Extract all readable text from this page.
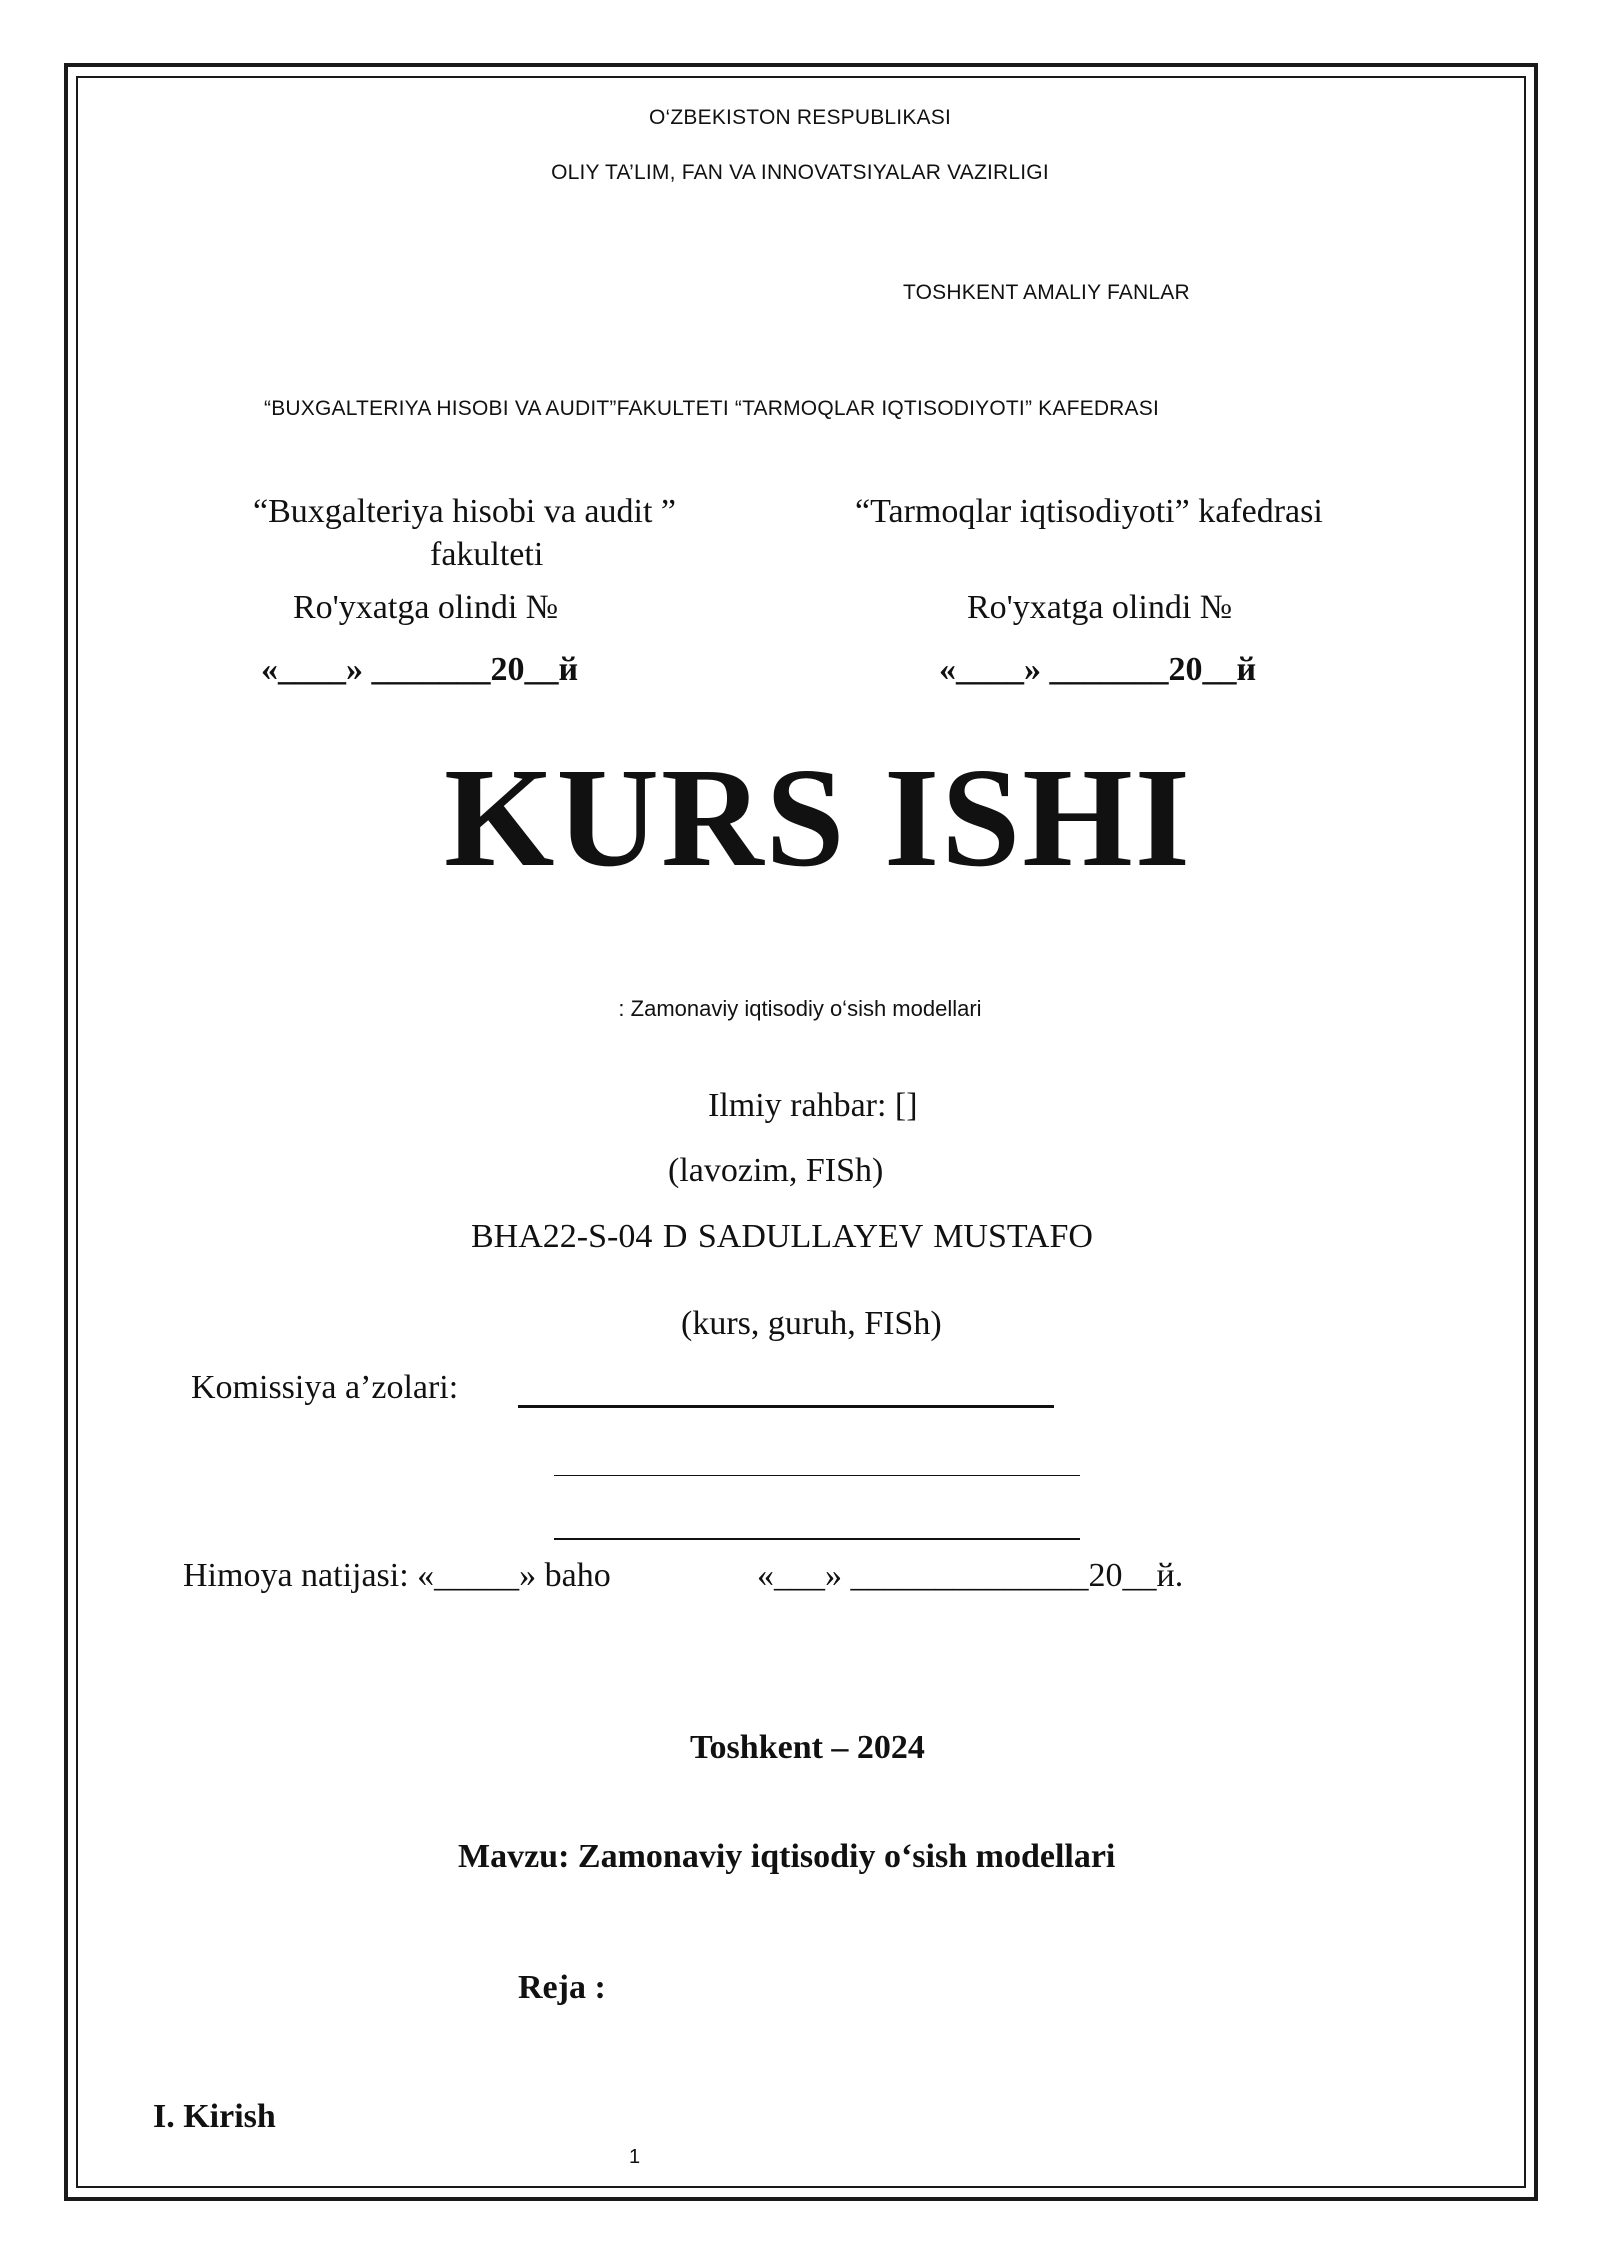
O‘ZBEKISTON RESPUBLIKASI
OLIY TA’LIM, FAN VA INNOVATSIYALAR VAZIRLIGI
TOSHKENT AMALIY FANLAR
“BUXGALTERIYA HISOBI VA AUDIT”FAKULTETI “TARMOQLAR IQTISODIYOTI” KAFEDRASI
“Buxgalteriya hisobi va audit ”
fakulteti
Ro'yxatga olindi №
«____» _______20__й
“Tarmoqlar iqtisodiyoti” kafedrasi
Ro'yxatga olindi №
«____» _______20__й
KURS ISHI
: Zamonaviy iqtisodiy o‘sish modellari
Ilmiy rahbar: []
(lavozim, FISh)
BHA22-S-04 D SADULLAYEV MUSTAFO
(kurs, guruh, FISh)
Komissiya a’zolari:
Himoya natijasi: «_____» baho	«___» ______________20__й.
Toshkent – 2024
Mavzu: Zamonaviy iqtisodiy o‘sish modellari
Reja :
I. Kirish
1
